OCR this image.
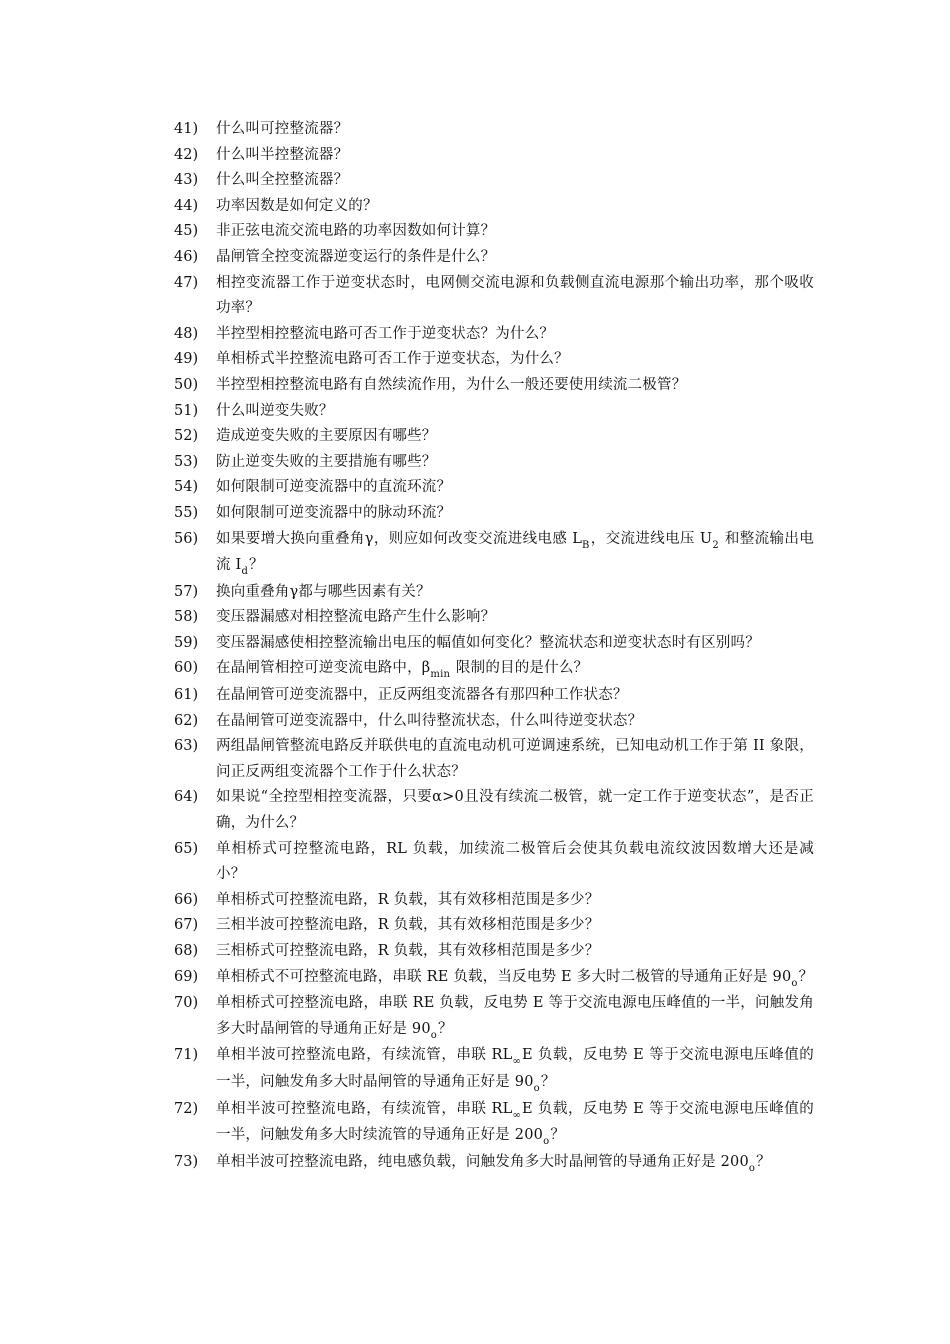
41)	什么叫可控整流器？
42)	什么叫半控整流器？
43)	什么叫全控整流器？
44)	功率因数是如何定义的？
45)	非正弦电流交流电路的功率因数如何计算？
46)	晶闸管全控变流器逆变运行的条件是什么？
47)	相控变流器工作于逆变状态时，电网侧交流电源和负载侧直流电源那个输出功率，那个吸收功率？
48)	半控型相控整流电路可否工作于逆变状态？为什么？
49)	单相桥式半控整流电路可否工作于逆变状态，为什么？
50)	半控型相控整流电路有自然续流作用，为什么一般还要使用续流二极管？
51)	什么叫逆变失败？
52)	造成逆变失败的主要原因有哪些？
53)	防止逆变失败的主要措施有哪些？
54)	如何限制可逆变流器中的直流环流？
55)	如何限制可逆变流器中的脉动环流？
56)	如果要增大换向重叠角γ，则应如何改变交流进线电感 $L_B$，交流进线电压 $U_2$ 和整流输出电流 $I_d$？
57)	换向重叠角γ都与哪些因素有关？
58)	变压器漏感对相控整流电路产生什么影响？
59)	变压器漏感使相控整流输出电压的幅值如何变化？整流状态和逆变状态时有区别吗？
60)	在晶闸管相控可逆变流电路中，$\beta_{min}$ 限制的目的是什么？
61)	在晶闸管可逆变流器中，正反两组变流器各有那四种工作状态？
62)	在晶闸管可逆变流器中，什么叫待整流状态，什么叫待逆变状态？
63)	两组晶闸管整流电路反并联供电的直流电动机可逆调速系统，已知电动机工作于第 II 象限，问正反两组变流器个工作于什么状态？
64)	如果说“全控型相控变流器，只要α>0且没有续流二极管，就一定工作于逆变状态”，是否正确，为什么？
65)	单相桥式可控整流电路，RL 负载，加续流二极管后会使其负载电流纹波因数增大还是减小？
66)	单相桥式可控整流电路，R 负载，其有效移相范围是多少？
67)	三相半波可控整流电路，R 负载，其有效移相范围是多少？
68)	三相桥式可控整流电路，R 负载，其有效移相范围是多少？
69)	单相桥式不可控整流电路，串联 RE 负载，当反电势 E 多大时二极管的导通角正好是 $90_o$？
70)	单相桥式可控整流电路，串联 RE 负载，反电势 E 等于交流电源电压峰值的一半，问触发角多大时晶闸管的导通角正好是 $90_o$？
71)	单相半波可控整流电路，有续流管，串联 $RL_\infty E$ 负载，反电势 E 等于交流电源电压峰值的一半，问触发角多大时晶闸管的导通角正好是 $90_o$？
72)	单相半波可控整流电路，有续流管，串联 $RL_\infty E$ 负载，反电势 E 等于交流电源电压峰值的一半，问触发角多大时续流管的导通角正好是 $200_o$？
73)	单相半波可控整流电路，纯电感负载，问触发角多大时晶闸管的导通角正好是 $200_o$？
